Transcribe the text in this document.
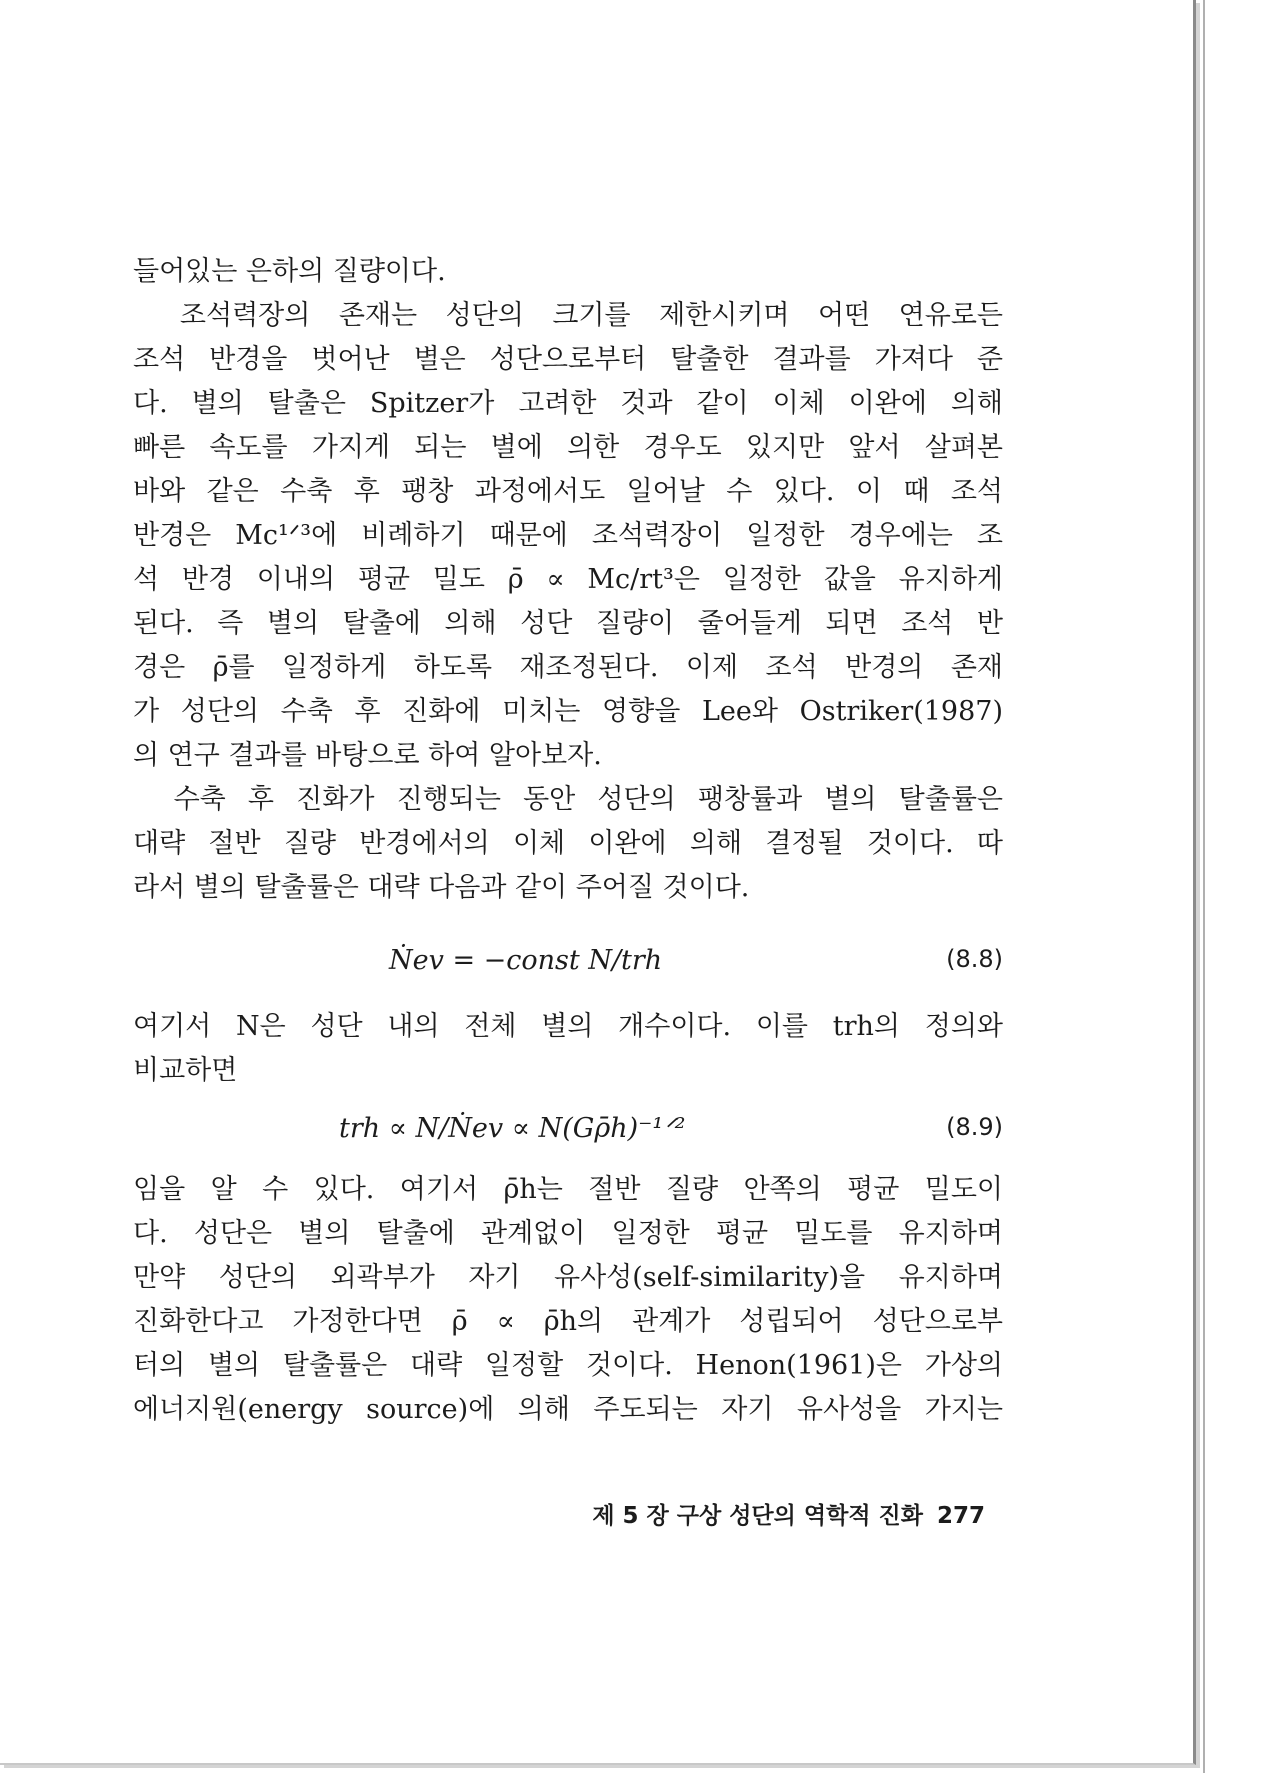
들어있는 은하의 질량이다.
　조석력장의 존재는 성단의 크기를 제한시키며 어떤 연유로든
조석 반경을 벗어난 별은 성단으로부터 탈출한 결과를 가져다 준
다. 별의 탈출은 Spitzer가 고려한 것과 같이 이체 이완에 의해
빠른 속도를 가지게 되는 별에 의한 경우도 있지만 앞서 살펴본
바와 같은 수축 후 팽창 과정에서도 일어날 수 있다. 이 때 조석
반경은 Mc¹ᐟ³에 비례하기 때문에 조석력장이 일정한 경우에는 조
석 반경 이내의 평균 밀도 ρ̄ ∝ Mc/rt³은 일정한 값을 유지하게
된다. 즉 별의 탈출에 의해 성단 질량이 줄어들게 되면 조석 반
경은 ρ̄를 일정하게 하도록 재조정된다. 이제 조석 반경의 존재
가 성단의 수축 후 진화에 미치는 영향을 Lee와 Ostriker(1987)
의 연구 결과를 바탕으로 하여 알아보자.
　수축 후 진화가 진행되는 동안 성단의 팽창률과 별의 탈출률은
대략 절반 질량 반경에서의 이체 이완에 의해 결정될 것이다. 따
라서 별의 탈출률은 대략 다음과 같이 주어질 것이다.
Ṅev = −const N/trh	(8.8)
여기서 N은 성단 내의 전체 별의 개수이다. 이를 trh의 정의와
비교하면
trh ∝ N/Ṅev ∝ N(Gρ̄h)⁻¹ᐟ²	(8.9)
임을 알 수 있다. 여기서 ρ̄h는 절반 질량 안쪽의 평균 밀도이
다. 성단은 별의 탈출에 관계없이 일정한 평균 밀도를 유지하며
만약 성단의 외곽부가 자기 유사성(self-similarity)을 유지하며
진화한다고 가정한다면 ρ̄ ∝ ρ̄h의 관계가 성립되어 성단으로부
터의 별의 탈출률은 대략 일정할 것이다. Henon(1961)은 가상의
에너지원(energy source)에 의해 주도되는 자기 유사성을 가지는
제 5 장 구상 성단의 역학적 진화 277
